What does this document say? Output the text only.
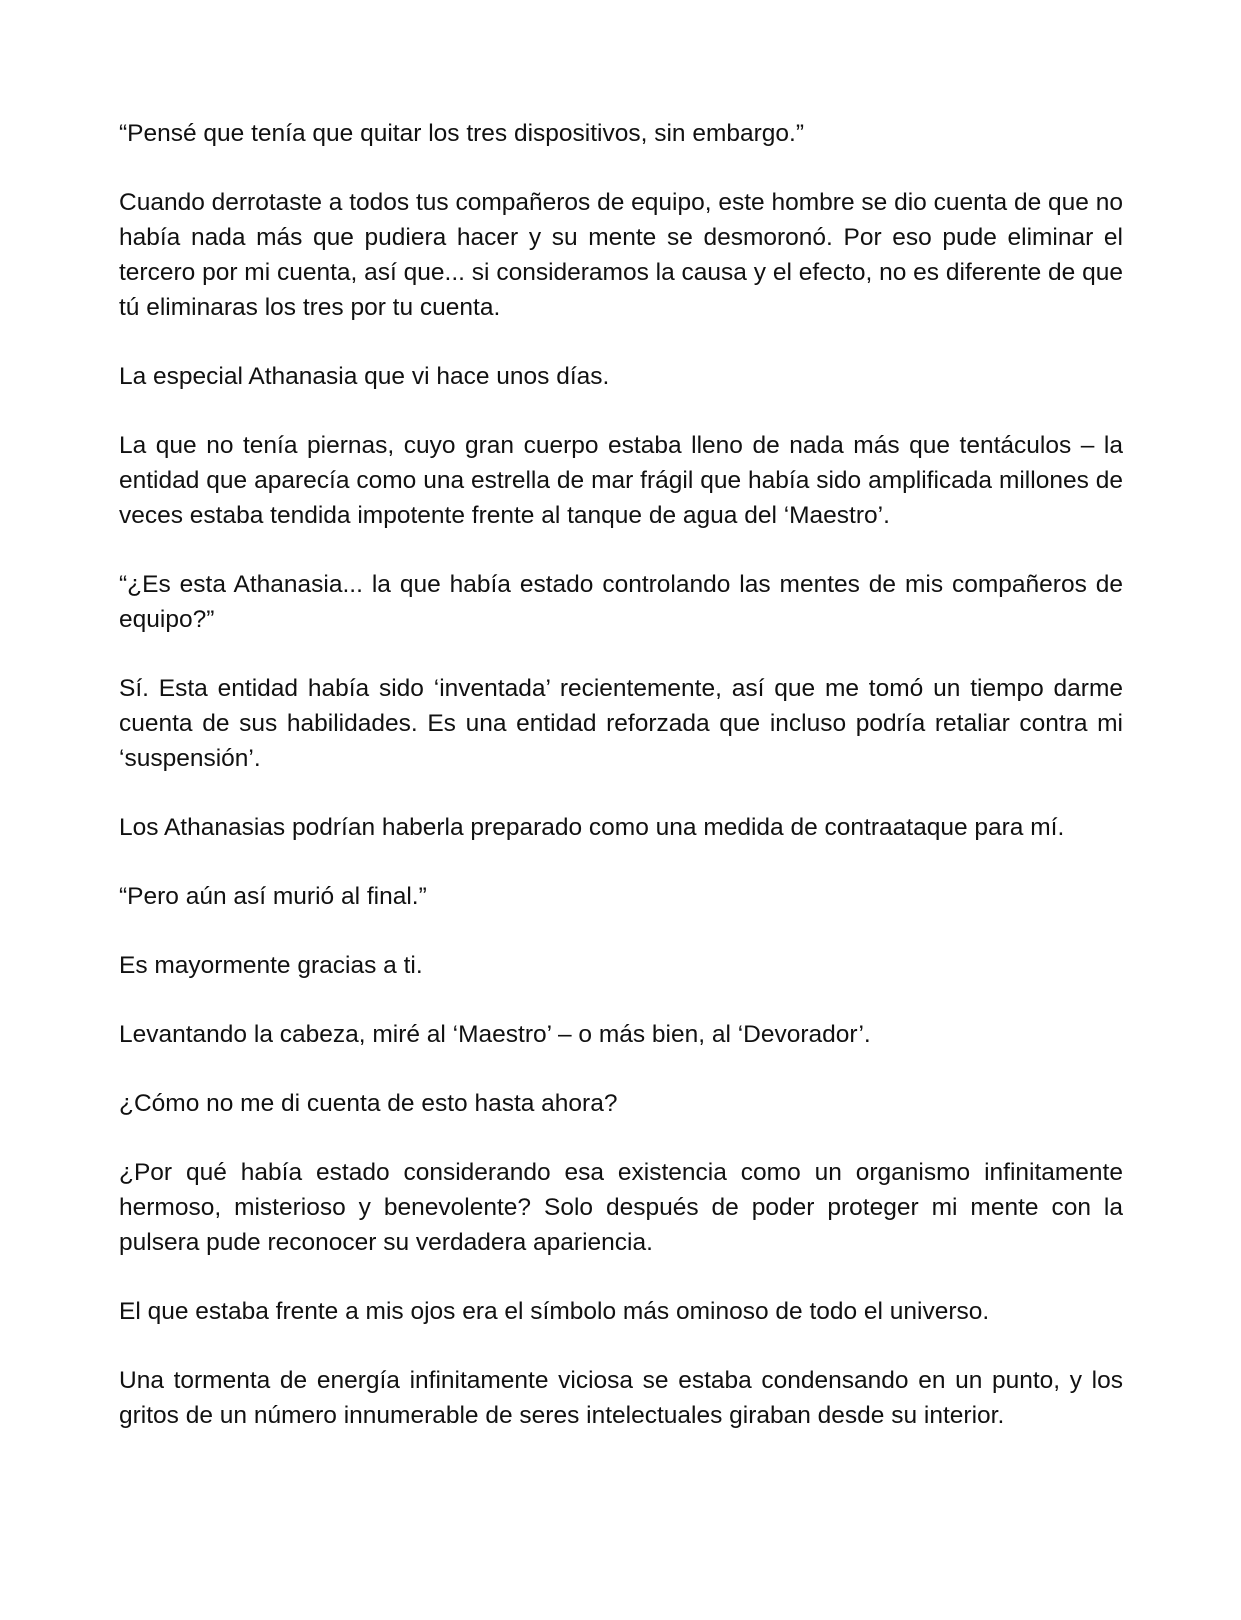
“Pensé que tenía que quitar los tres dispositivos, sin embargo.”

Cuando derrotaste a todos tus compañeros de equipo, este hombre se dio cuenta de que no había nada más que pudiera hacer y su mente se desmoronó. Por eso pude eliminar el tercero por mi cuenta, así que... si consideramos la causa y el efecto, no es diferente de que tú eliminaras los tres por tu cuenta.

La especial Athanasia que vi hace unos días.

La que no tenía piernas, cuyo gran cuerpo estaba lleno de nada más que tentáculos – la entidad que aparecía como una estrella de mar frágil que había sido amplificada millones de veces estaba tendida impotente frente al tanque de agua del ‘Maestro’.

“¿Es esta Athanasia... la que había estado controlando las mentes de mis compañeros de equipo?”

Sí. Esta entidad había sido ‘inventada’ recientemente, así que me tomó un tiempo darme cuenta de sus habilidades. Es una entidad reforzada que incluso podría retaliar contra mi ‘suspensión’.

Los Athanasias podrían haberla preparado como una medida de contraataque para mí.

“Pero aún así murió al final.”

Es mayormente gracias a ti.

Levantando la cabeza, miré al ‘Maestro’ – o más bien, al ‘Devorador’.

¿Cómo no me di cuenta de esto hasta ahora?

¿Por qué había estado considerando esa existencia como un organismo infinitamente hermoso, misterioso y benevolente? Solo después de poder proteger mi mente con la pulsera pude reconocer su verdadera apariencia.

El que estaba frente a mis ojos era el símbolo más ominoso de todo el universo.

Una tormenta de energía infinitamente viciosa se estaba condensando en un punto, y los gritos de un número innumerable de seres intelectuales giraban desde su interior.
